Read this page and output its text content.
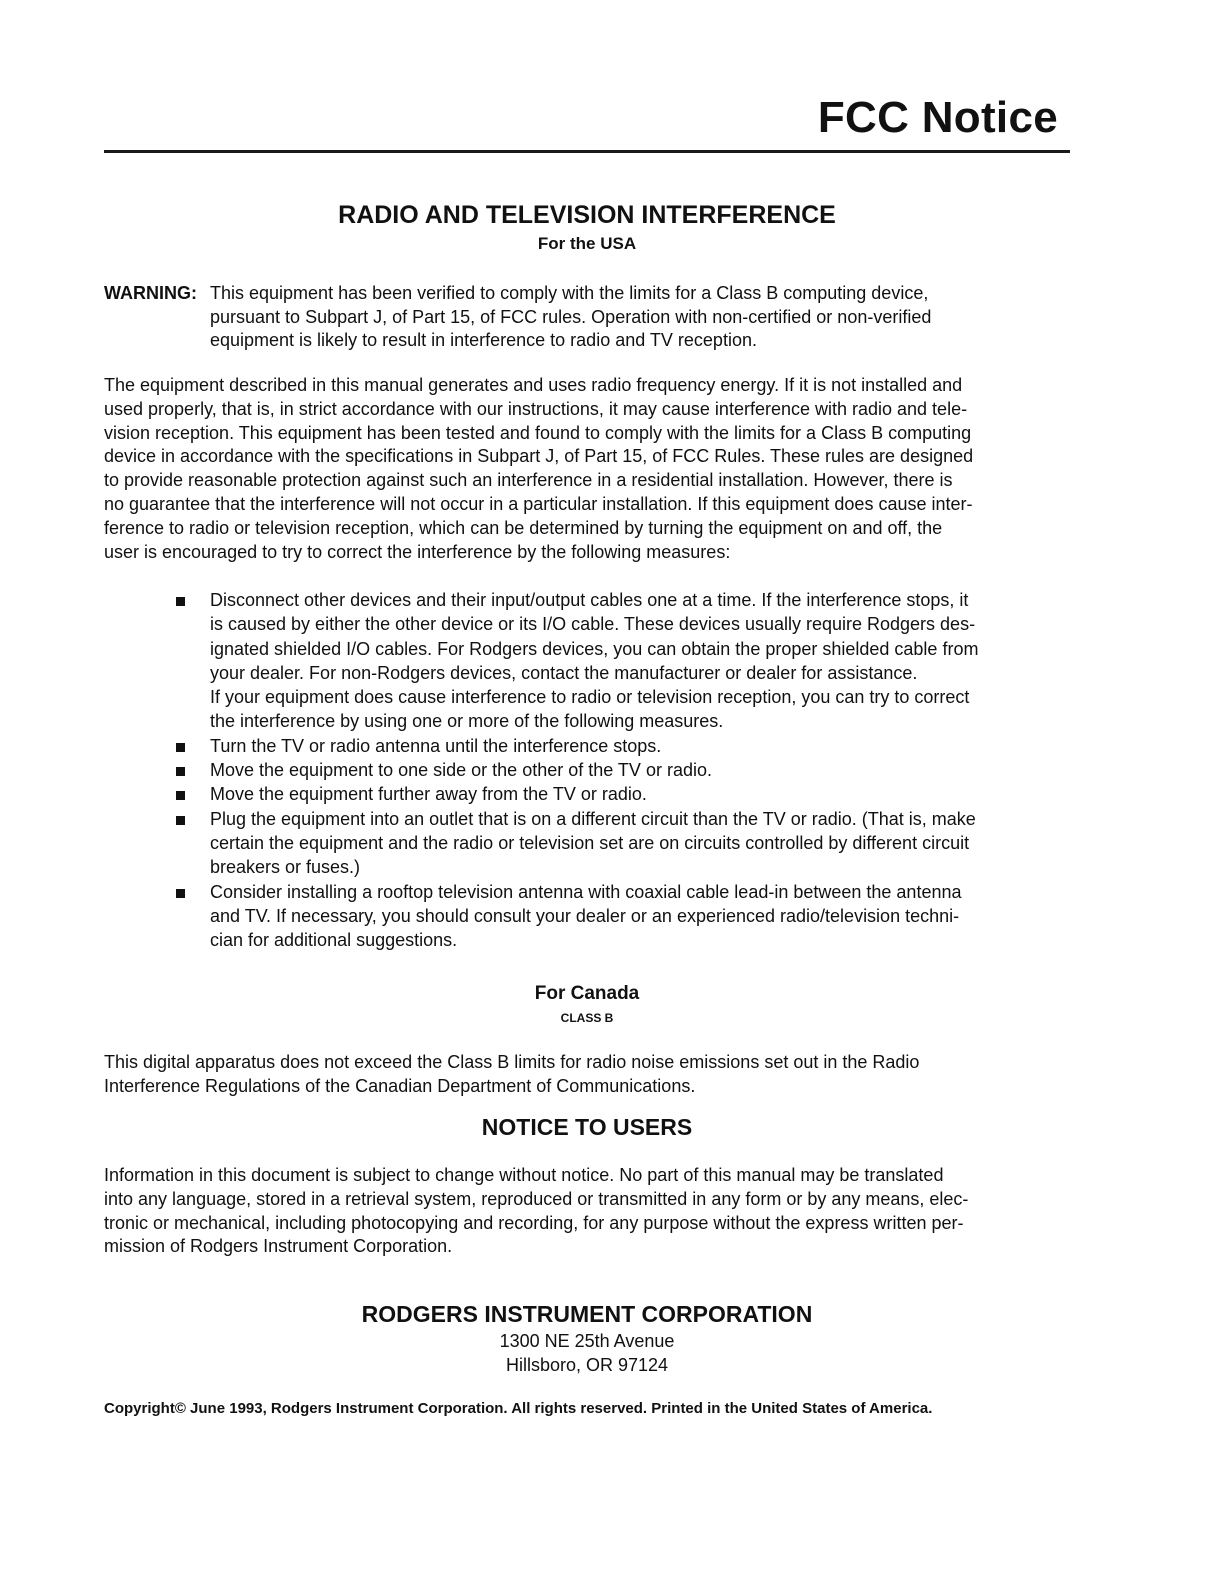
FCC Notice
RADIO AND TELEVISION INTERFERENCE
For the USA
WARNING: This equipment has been verified to comply with the limits for a Class B computing device,
pursuant to Subpart J, of Part 15, of FCC rules. Operation with non-certified or non-verified
equipment is likely to result in interference to radio and TV reception.
The equipment described in this manual generates and uses radio frequency energy. If it is not installed and
used properly, that is, in strict accordance with our instructions, it may cause interference with radio and tele-
vision reception. This equipment has been tested and found to comply with the limits for a Class B computing
device in accordance with the specifications in Subpart J, of Part 15, of FCC Rules. These rules are designed
to provide reasonable protection against such an interference in a residential installation. However, there is
no guarantee that the interference will not occur in a particular installation. If this equipment does cause inter-
ference to radio or television reception, which can be determined by turning the equipment on and off, the
user is encouraged to try to correct the interference by the following measures:
Disconnect other devices and their input/output cables one at a time. If the interference stops, it
is caused by either the other device or its I/O cable. These devices usually require Rodgers des-
ignated shielded I/O cables. For Rodgers devices, you can obtain the proper shielded cable from
your dealer. For non-Rodgers devices, contact the manufacturer or dealer for assistance.
If your equipment does cause interference to radio or television reception, you can try to correct
the interference by using one or more of the following measures.
Turn the TV or radio antenna until the interference stops.
Move the equipment to one side or the other of the TV or radio.
Move the equipment further away from the TV or radio.
Plug the equipment into an outlet that is on a different circuit than the TV or radio. (That is, make
certain the equipment and the radio or television set are on circuits controlled by different circuit
breakers or fuses.)
Consider installing a rooftop television antenna with coaxial cable lead-in between the antenna
and TV. If necessary, you should consult your dealer or an experienced radio/television techni-
cian for additional suggestions.
For Canada
CLASS B
This digital apparatus does not exceed the Class B limits for radio noise emissions set out in the Radio
Interference Regulations of the Canadian Department of Communications.
NOTICE TO USERS
Information in this document is subject to change without notice. No part of this manual may be translated
into any language, stored in a retrieval system, reproduced or transmitted in any form or by any means, elec-
tronic or mechanical, including photocopying and recording, for any purpose without the express written per-
mission of Rodgers Instrument Corporation.
RODGERS INSTRUMENT CORPORATION
1300 NE 25th Avenue
Hillsboro, OR 97124
Copyright© June 1993, Rodgers Instrument Corporation. All rights reserved. Printed in the United States of America.
